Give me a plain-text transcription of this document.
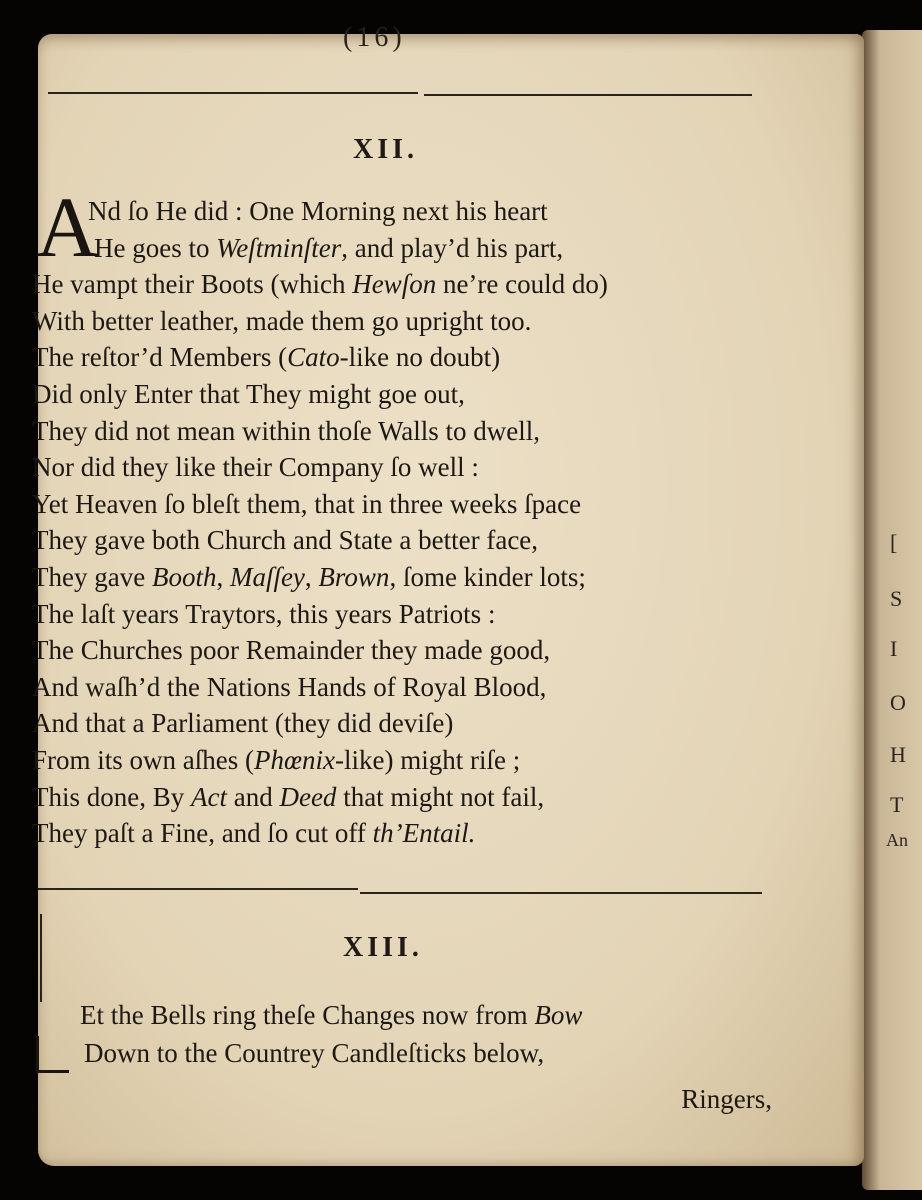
[
S
I
O
H
T
An
(16)
XII.
A
Nd ſo He did : One Morning next his heart
He goes to Weſtminſter, and play’d his part,
He vampt their Boots (which Hewſon ne’re could do)
With better leather, made them go upright too.
The reſtor’d Members (Cato-like no doubt)
Did only Enter that They might goe out,
They did not mean within thoſe Walls to dwell,
Nor did they like their Company ſo well :
Yet Heaven ſo bleſt them, that in three weeks ſpace
They gave both Church and State a better face,
They gave Booth, Maſſey, Brown, ſome kinder lots;
The laſt years Traytors, this years Patriots :
The Churches poor Remainder they made good,
And waſh’d the Nations Hands of Royal Blood,
And that a Parliament (they did deviſe)
From its own aſhes (Phœnix-like) might riſe ;
This done, By Act and Deed that might not fail,
They paſt a Fine, and ſo cut off th’Entail.
XIII.
Et the Bells ring theſe Changes now from Bow
Down to the Countrey Candleſticks below,
Ringers,
